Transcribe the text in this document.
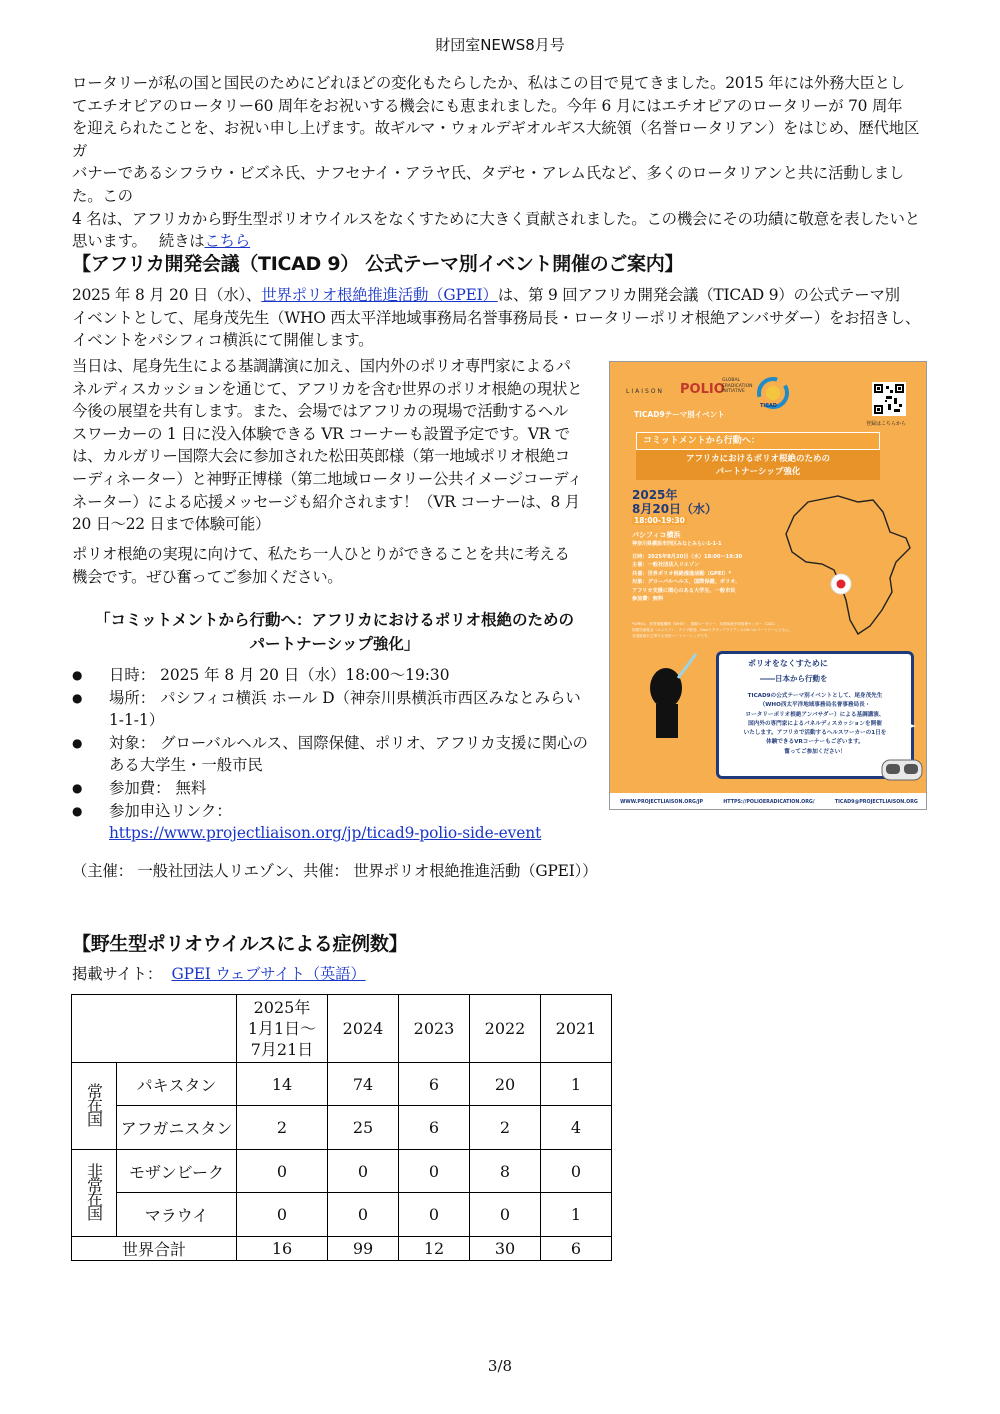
財団室NEWS8月号
ロータリーが私の国と国民のためにどれほどの変化もたらしたか、私はこの目で見てきました。2015 年には外務大臣とし
てエチオピアのロータリー60 周年をお祝いする機会にも恵まれました。今年 6 月にはエチオピアのロータリーが 70 周年
を迎えられたことを、お祝い申し上げます。故ギルマ・ウォルデギオルギス大統領（名誉ロータリアン）をはじめ、歴代地区ガ
バナーであるシフラウ・ビズネ氏、ナフセナイ・アラヤ氏、タデセ・アレム氏など、多くのロータリアンと共に活動しました。この
4 名は、アフリカから野生型ポリオウイルスをなくすために大きく貢献されました。この機会にその功績に敬意を表したいと
思います。　 続きはこちら
【アフリカ開発会議（TICAD 9） 公式テーマ別イベント開催のご案内】
2025 年 8 月 20 日（水）、世界ポリオ根絶推進活動（GPEI）は、第 9 回アフリカ開発会議（TICAD 9）の公式テーマ別
イベントとして、尾身茂先生（WHO 西太平洋地域事務局名誉事務局長・ロータリーポリオ根絶アンバサダー）をお招きし、
イベントをパシフィコ横浜にて開催します。
当日は、尾身先生による基調講演に加え、国内外のポリオ専門家によるパ
ネルディスカッションを通じて、アフリカを含む世界のポリオ根絶の現状と
今後の展望を共有します。また、会場ではアフリカの現場で活動するヘル
スワーカーの 1 日に没入体験できる VR コーナーも設置予定です。VR で
は、カルガリー国際大会に参加された松田英郎様（第一地域ポリオ根絶コ
ーディネーター）と神野正博様（第二地域ロータリー公共イメージコーディ
ネーター）による応援メッセージも紹介されます！（VR コーナーは、8 月
20 日～22 日まで体験可能）
ポリオ根絶の実現に向けて、私たち一人ひとりができることを共に考える
機会です。ぜひ奮ってご参加ください。
「コミットメントから行動へ：アフリカにおけるポリオ根絶のための
パートナーシップ強化」
● 日時： 2025 年 8 月 20 日（水）18:00～19:30
● 場所： パシフィコ横浜 ホール D（神奈川県横浜市西区みなとみらい
1-1-1）
● 対象： グローバルヘルス、国際保健、ポリオ、アフリカ支援に関心の
ある大学生・一般市民
● 参加費： 無料
● 参加申込リンク：
https://www.projectliaison.org/jp/ticad9-polio-side-event
（主催： 一般社団法人リエゾン、共催： 世界ポリオ根絶推進活動（GPEI））
LIAISON POLIO
GLOBAL
ERADICATION
INITIATIVE
TICAD
登録はこちらから
TICAD9テーマ別イベント
コミットメントから行動へ：
アフリカにおけるポリオ根絶のための
パートナーシップ強化
2025年
8月20日（水）
18:00-19:30
パシフィコ横浜
神奈川県横浜市西区みなとみらい1-1-1
日時：2025年8月20日（水）18:00～19:30
主催：一般社団法人リエゾン
共催：世界ポリオ根絶推進活動（GPEI）*
対象：グローバルヘルス、国際保健、ポリオ、
アフリカ支援に関心のある大学生、一般市民
参加費：無料
*GPEIは、世界保健機関（WHO）、国際ロータリー、米国疾病予防管理センター（CDC）、
国連児童基金（ユニセフ）、ゲイツ財団、Gaviワクチンアライアンスの6つのパートナーとともに、
各国政府が主導する官民パートナーシップです。
ポリオをなくすために
――日本から行動を
TICAD9の公式テーマ別イベントとして、尾身茂先生
（WHO西太平洋地域事務局名誉事務局長・
ロータリーポリオ根絶アンバサダー）による基調講演、
国内外の専門家によるパネルディスカッションを開催
いたします。アフリカで活動するヘルスワーカーの1日を
体験できるVRコーナーもございます。
奮ってご参加ください！
WWW.PROJECTLIAISON.ORG/JP	HTTPS://POLIOERADICATION.ORG/	TICAD9@PROJECTLIAISON.ORG
【野生型ポリオウイルスによる症例数】
掲載サイト： GPEI ウェブサイト（英語）

		2025年
1月1日～
7月21日	2024	2023	2022	2021
常在国	パキスタン	14	74	6	20	1
	アフガニスタン	2	25	6	2	4
非常在国	モザンビーク	0	0	0	8	0
	マラウイ	0	0	0	0	1
世界合計		16	99	12	30	6
3/8
